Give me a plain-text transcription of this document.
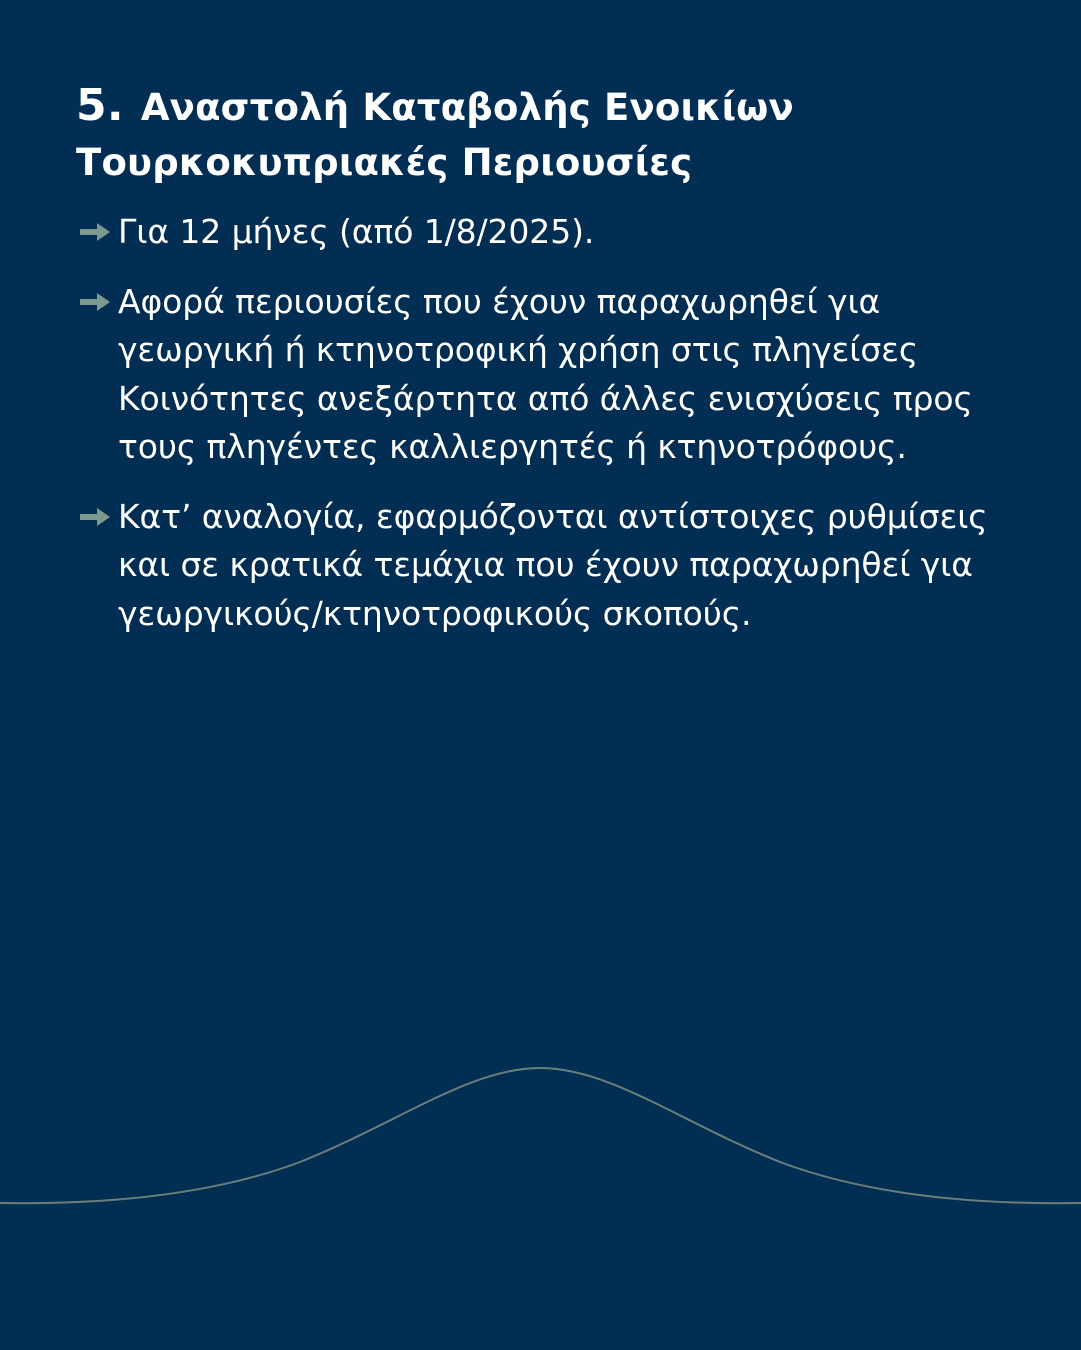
5. Αναστολή Καταβολής Ενοικίων
Τουρκοκυπριακές Περιουσίες
Για 12 μήνες (από 1/8/2025).
Αφορά περιουσίες που έχουν παραχωρηθεί για γεωργική ή κτηνοτροφική χρήση στις πληγείσες Κοινότητες ανεξάρτητα από άλλες ενισχύσεις προς τους πληγέντες καλλιεργητές ή κτηνοτρόφους.
Κατ’ αναλογία, εφαρμόζονται αντίστοιχες ρυθμίσεις και σε κρατικά τεμάχια που έχουν παραχωρηθεί για γεωργικούς/κτηνοτροφικούς σκοπούς.
